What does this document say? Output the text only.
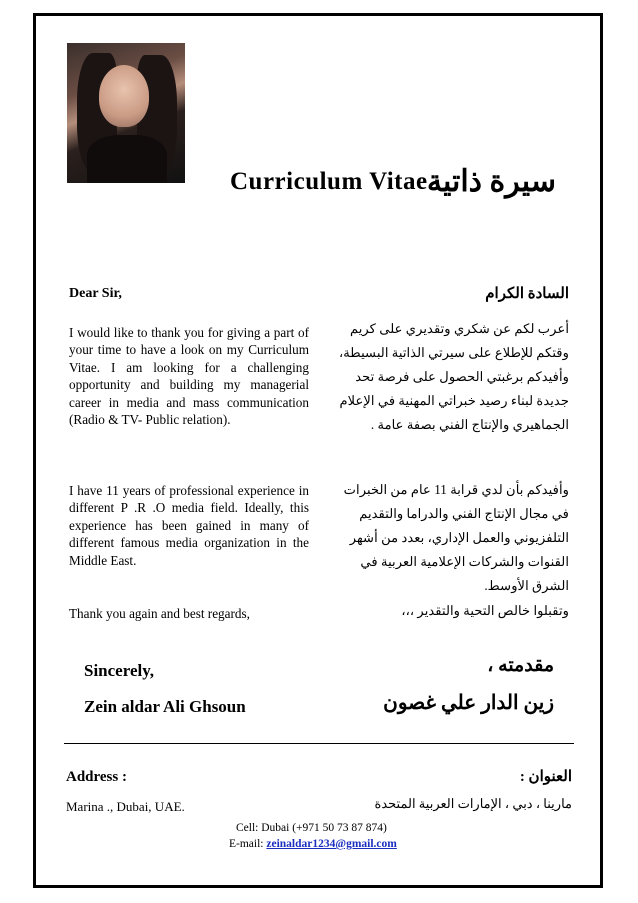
Curriculum Vitae سيرة ذاتية
Dear Sir,	السادة الكرام

I would like to thank you for giving a part of your time to have a look on my Curriculum Vitae. I am looking for a challenging opportunity and building my managerial career in media and mass communication (Radio & TV- Public relation).

أعرب لكم عن شكري وتقديري على كريم وقتكم للإطلاع على سيرتي الذاتية البسيطة، وأفيدكم برغبتي الحصول على فرصة تحد جديدة لبناء رصيد خبراتي المهنية في الإعلام الجماهيري والإنتاج الفني بصفة عامة .

I have 11 years of professional experience in different P .R .O media field. Ideally, this experience has been gained in many of different famous media organization in the Middle East.

وأفيدكم بأن لدي قرابة 11 عام من الخبرات في مجال الإنتاج الفني والدراما والتقديم التلفزيوني والعمل الإداري، بعدد من أشهر القنوات والشركات الإعلامية العربية في الشرق الأوسط.

Thank you again and best regards,	وتقبلوا خالص التحية والتقدير ،،،
Sincerely,
Zein aldar Ali Ghsoun
مقدمته ،
زين الدار علي غصون
Address :	العنوان :
Marina ., Dubai, UAE.	مارينا ، دبي ، الإمارات العربية المتحدة
Cell: Dubai (+971 50 73 87 874)
E-mail: zeinaldar1234@gmail.com
